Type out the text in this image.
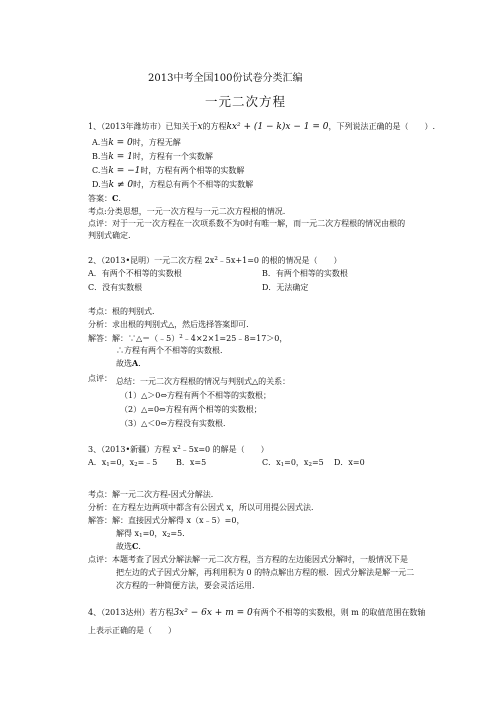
2013中考全国100份试卷分类汇编
一元二次方程
1、（2013年潍坊市）已知关于x的方程kx² + (1 − k)x − 1 = 0，下列说法正确的是（　　）.
A.当k = 0时，方程无解
B.当k = 1时，方程有一个实数解
C.当k = −1时，方程有两个相等的实数解
D.当k ≠ 0时，方程总有两个不相等的实数解
答案：C.
考点:分类思想，一元一次方程与一元二次方程根的情况.
点评：对于一元一次方程在一次项系数不为0时有唯一解，而一元二次方程根的情况由根的
判别式确定.
2、（2013•昆明）一元二次方程 $2x^2﹣5x+1=0$ 的根的情况是（　　）
A．有两个不相等的实数根	B．有两个相等的实数根
C．没有实数根	D．无法确定
考点：根的判别式．
分析：求出根的判别式△，然后选择答案即可．
解答：解：∵△＝（﹣5）$^2$﹣4×2×1=25﹣8=17＞0，
∴方程有两个不相等的实数根．
故选A．
点评： 总结：一元二次方程根的情况与判别式△的关系：
（1）△＞0⇔方程有两个不相等的实数根；
（2）△=0⇔方程有两个相等的实数根；
（3）△＜0⇔方程没有实数根．
3、（2013•新疆）方程 $x^2﹣5x=0$ 的解是（　　）
A．x1=0，x2=﹣5 B．x=5	C．x1=0，x2=5 D．x=0
考点：解一元二次方程-因式分解法．
分析：在方程左边两项中都含有公因式 x，所以可用提公因式法．
解答：解：直接因式分解得 x（x﹣5）=0，
解得 x1=0，x2=5．
故选C．
点评：本题考查了因式分解法解一元二次方程，当方程的左边能因式分解时，一般情况下是
把左边的式子因式分解，再利用积为 0 的特点解出方程的根．因式分解法是解一元二
次方程的一种简便方法，要会灵活运用．
4、（2013达州）若方程3x² − 6x + m = 0有两个不相等的实数根，则 m 的取值范围在数轴
上表示正确的是（　　）
